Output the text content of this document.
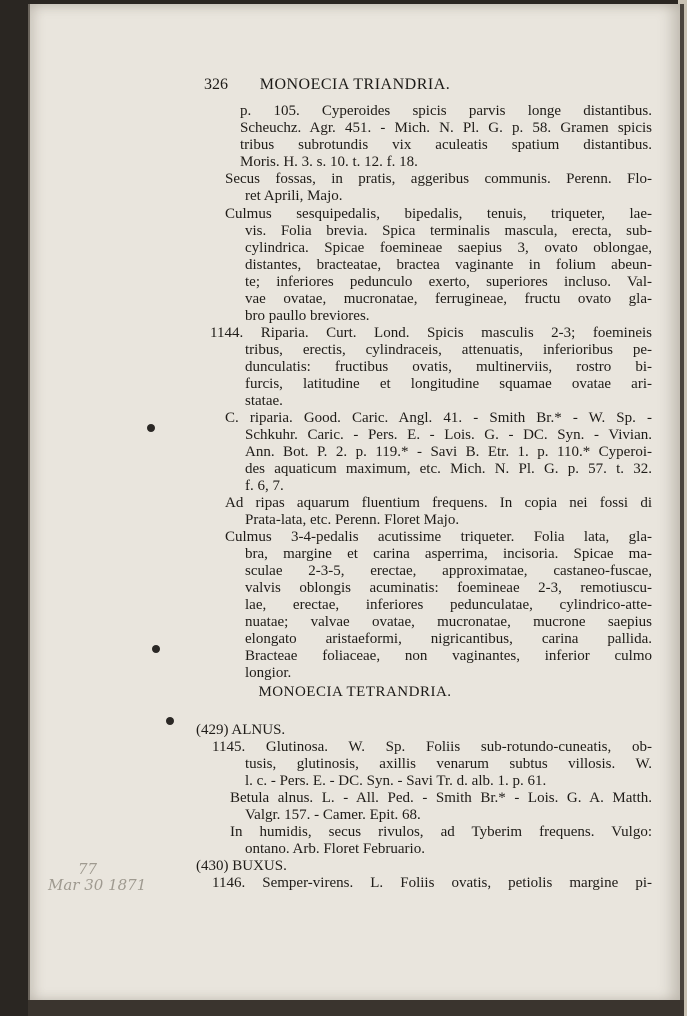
326	MONOECIA TRIANDRIA.
p. 105. Cyperoides spicis parvis longe distantibus.
Scheuchz. Agr. 451. - Mich. N. Pl. G. p. 58. Gramen spicis
tribus subrotundis vix aculeatis spatium distantibus.
Moris. H. 3. s. 10. t. 12. f. 18.
Secus fossas, in pratis, aggeribus communis. Perenn. Flo-
ret Aprili, Majo.
Culmus sesquipedalis, bipedalis, tenuis, triqueter, lae-
vis. Folia brevia. Spica terminalis mascula, erecta, sub-
cylindrica. Spicae foemineae saepius 3, ovato oblongae,
distantes, bracteatae, bractea vaginante in folium abeun-
te; inferiores pedunculo exerto, superiores incluso. Val-
vae ovatae, mucronatae, ferrugineae, fructu ovato gla-
bro paullo breviores.
1144. Riparia. Curt. Lond. Spicis masculis 2-3; foemineis
tribus, erectis, cylindraceis, attenuatis, inferioribus pe-
dunculatis: fructibus ovatis, multinerviis, rostro bi-
furcis, latitudine et longitudine squamae ovatae ari-
statae.
C. riparia. Good. Caric. Angl. 41. - Smith Br.* - W. Sp. -
Schkuhr. Caric. - Pers. E. - Lois. G. - DC. Syn. - Vivian.
Ann. Bot. P. 2. p. 119.* - Savi B. Etr. 1. p. 110.* Cyperoi-
des aquaticum maximum, etc. Mich. N. Pl. G. p. 57. t. 32.
f. 6, 7.
Ad ripas aquarum fluentium frequens. In copia nei fossi di
Prata-lata, etc. Perenn. Floret Majo.
Culmus 3-4-pedalis acutissime triqueter. Folia lata, gla-
bra, margine et carina asperrima, incisoria. Spicae ma-
sculae 2-3-5, erectae, approximatae, castaneo-fuscae,
valvis oblongis acuminatis: foemineae 2-3, remotiuscu-
lae, erectae, inferiores pedunculatae, cylindrico-atte-
nuatae; valvae ovatae, mucronatae, mucrone saepius
elongato aristaeformi, nigricantibus, carina pallida.
Bracteae foliaceae, non vaginantes, inferior culmo
longior.
MONOECIA TETRANDRIA.
(429) ALNUS.
1145. Glutinosa. W. Sp. Foliis sub-rotundo-cuneatis, ob-
tusis, glutinosis, axillis venarum subtus villosis. W.
l. c. - Pers. E. - DC. Syn. - Savi Tr. d. alb. 1. p. 61.
Betula alnus. L. - All. Ped. - Smith Br.* - Lois. G. A. Matth.
Valgr. 157. - Camer. Epit. 68.
In humidis, secus rivulos, ad Tyberim frequens. Vulgo:
ontano. Arb. Floret Februario.
(430) BUXUS.
1146. Semper-virens. L. Foliis ovatis, petiolis margine pi-
77
Mar 30 1871
